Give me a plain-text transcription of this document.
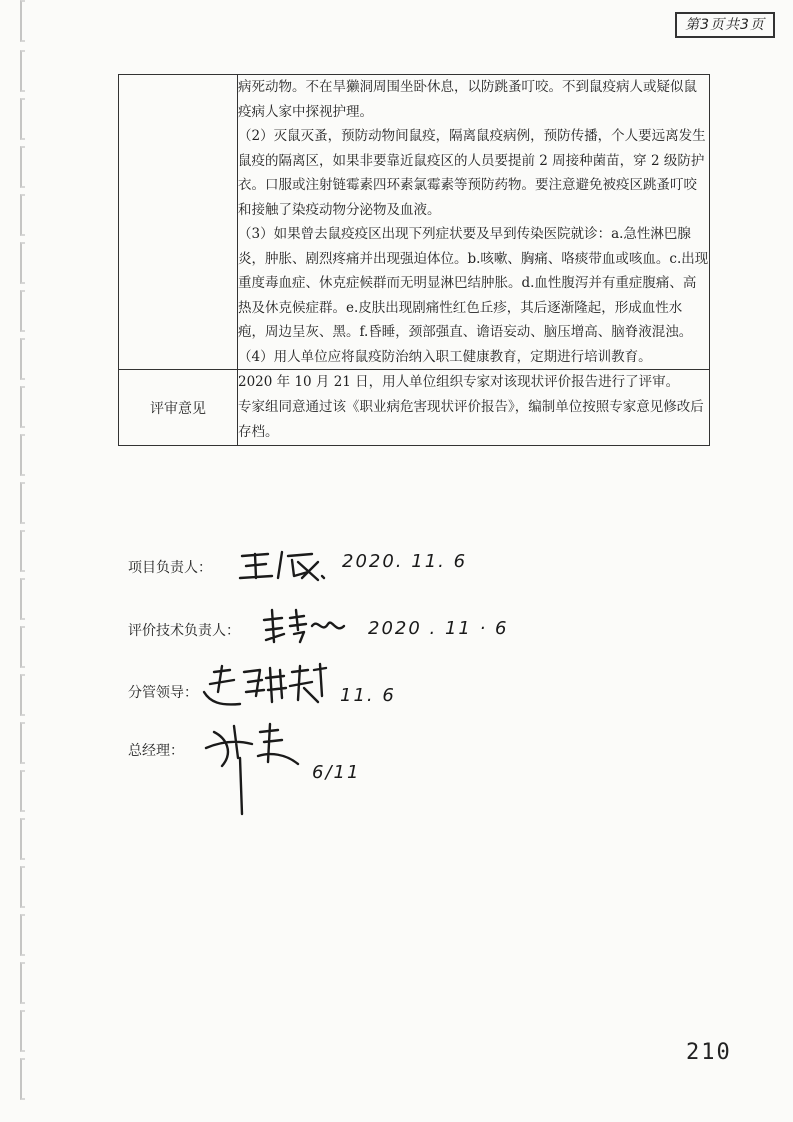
第3页共3页

	病死动物。不在旱獭洞周围坐卧休息，以防跳蚤叮咬。不到鼠疫病人或疑似鼠疫病人家中探视护理。

（2）灭鼠灭蚤，预防动物间鼠疫，隔离鼠疫病例，预防传播，个人要远离发生鼠疫的隔离区，如果非要靠近鼠疫区的人员要提前 2 周接种菌苗，穿 2 级防护衣。口服或注射链霉素四环素氯霉素等预防药物。要注意避免被疫区跳蚤叮咬和接触了染疫动物分泌物及血液。

（3）如果曾去鼠疫疫区出现下列症状要及早到传染医院就诊：a.急性淋巴腺炎，肿胀、剧烈疼痛并出现强迫体位。b.咳嗽、胸痛、咯痰带血或咳血。c.出现重度毒血症、休克症候群而无明显淋巴结肿胀。d.血性腹泻并有重症腹痛、高热及休克候症群。e.皮肤出现剧痛性红色丘疹，其后逐渐隆起，形成血性水疱，周边呈灰、黑。f.昏睡，颈部强直、谵语妄动、脑压增高、脑脊液混浊。

（4）用人单位应将鼠疫防治纳入职工健康教育，定期进行培训教育。

评审意见	2020 年 10 月 21 日，用人单位组织专家对该现状评价报告进行了评审。

专家组同意通过该《职业病危害现状评价报告》，编制单位按照专家意见修改后存档。

项目负责人：	2020. 11. 6
评价技术负责人：	2020 . 11 · 6
分管领导：	11. 6
总经理：
6/11
210
